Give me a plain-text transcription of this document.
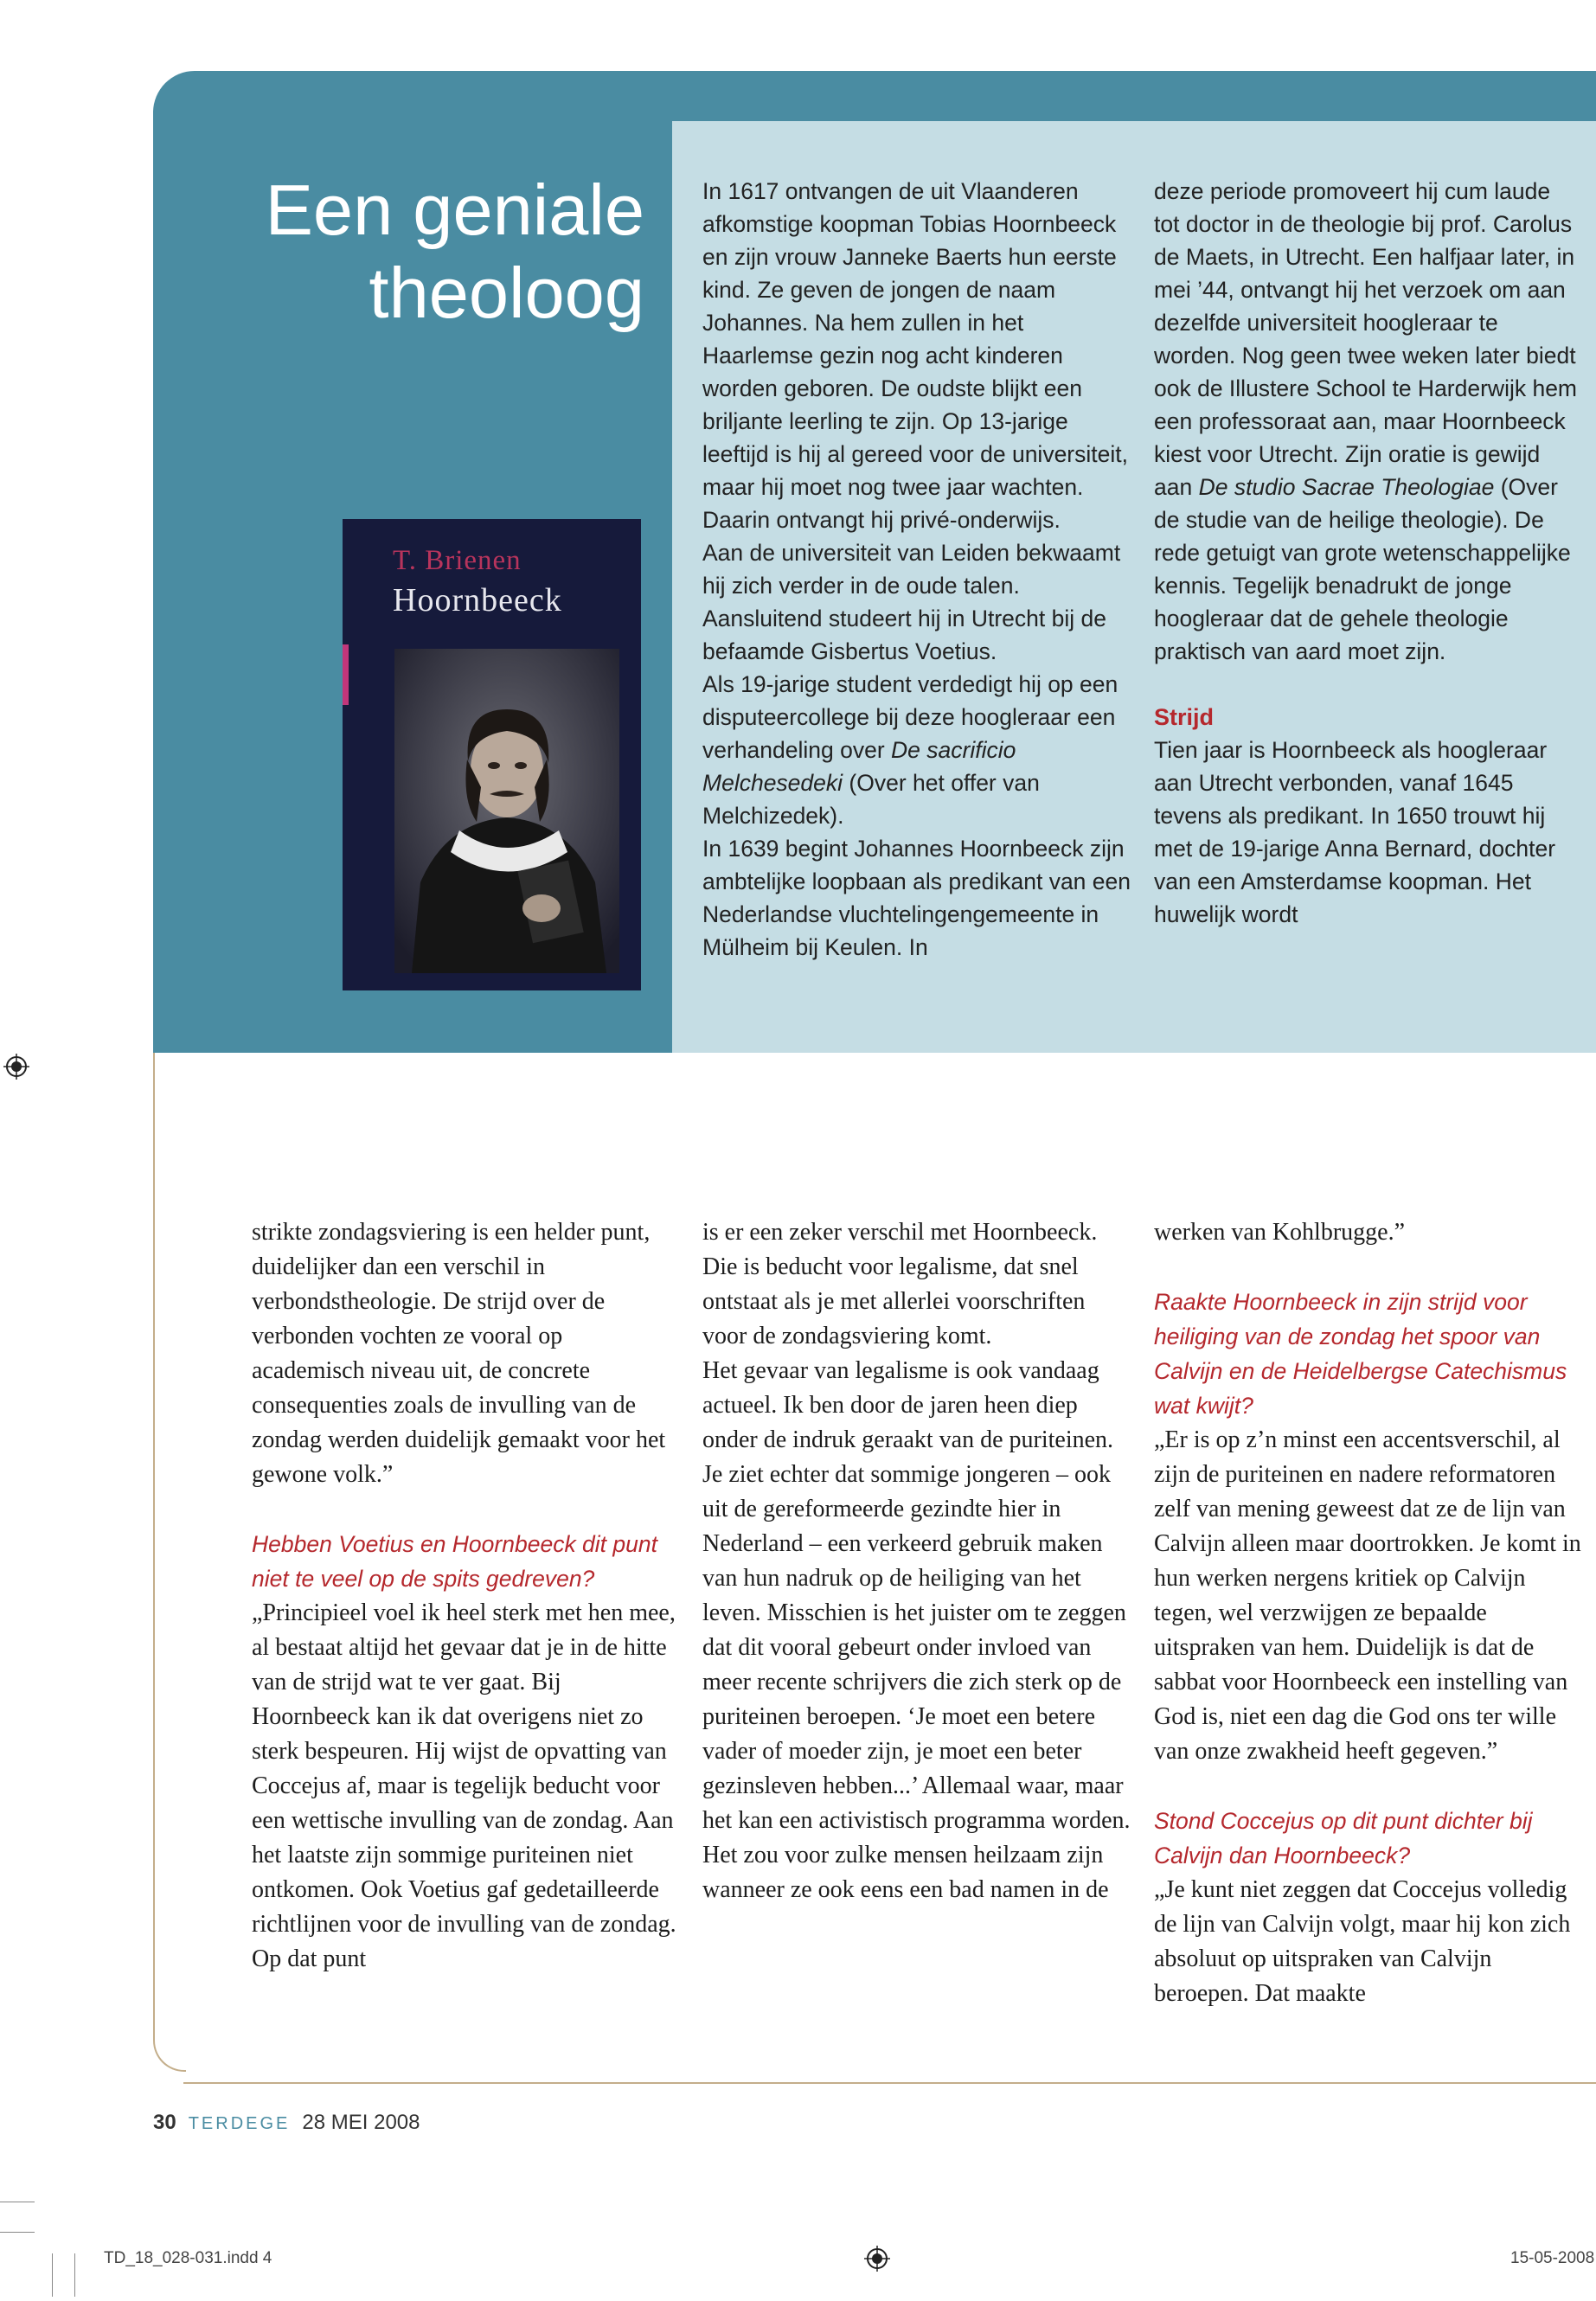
Een geniale
theoloog
T. Brienen
Hoornbeeck

In 1617 ontvangen de uit Vlaanderen afkomstige koopman Tobias Hoornbeeck en zijn vrouw Janneke Baerts hun eerste kind. Ze geven de jongen de naam Johannes. Na hem zullen in het Haarlemse gezin nog acht kinderen worden geboren. De oudste blijkt een briljante leerling te zijn. Op 13-jarige leeftijd is hij al gereed voor de universiteit, maar hij moet nog twee jaar wachten. Daarin ontvangt hij privé-onderwijs.

Aan de universiteit van Leiden bekwaamt hij zich verder in de oude talen. Aansluitend studeert hij in Utrecht bij de befaamde Gisbertus Voetius.

Als 19-jarige student verdedigt hij op een disputeercollege bij deze hoogleraar een verhandeling over De sacrificio Melchesedeki (Over het offer van Melchizedek).

In 1639 begint Johannes Hoornbeeck zijn ambtelijke loopbaan als predikant van een Nederlandse vluchtelingengemeente in Mülheim bij Keulen. In

deze periode promoveert hij cum laude tot doctor in de theologie bij prof. Carolus de Maets, in Utrecht. Een halfjaar later, in mei ’44, ontvangt hij het verzoek om aan dezelfde universiteit hoogleraar te worden. Nog geen twee weken later biedt ook de Illustere School te Harderwijk hem een professoraat aan, maar Hoornbeeck kiest voor Utrecht. Zijn oratie is gewijd aan De studio Sacrae Theologiae (Over de studie van de heilige theologie). De rede getuigt van grote wetenschappelijke kennis. Tegelijk benadrukt de jonge hoogleraar dat de gehele theologie praktisch van aard moet zijn.

Strijd

Tien jaar is Hoornbeeck als hoogleraar aan Utrecht verbonden, vanaf 1645 tevens als predikant. In 1650 trouwt hij met de 19-jarige Anna Bernard, dochter van een Amsterdamse koopman. Het huwelijk wordt

strikte zondagsviering is een helder punt, duidelijker dan een verschil in verbondstheologie. De strijd over de verbonden vochten ze vooral op academisch niveau uit, de concrete consequenties zoals de invulling van de zondag werden duidelijk gemaakt voor het gewone volk.”

Hebben Voetius en Hoornbeeck dit punt niet te veel op de spits gedreven?

„Principieel voel ik heel sterk met hen mee, al bestaat altijd het gevaar dat je in de hitte van de strijd wat te ver gaat. Bij Hoornbeeck kan ik dat overigens niet zo sterk bespeuren. Hij wijst de opvatting van Coccejus af, maar is tegelijk beducht voor een wettische invulling van de zondag. Aan het laatste zijn sommige puriteinen niet ontkomen. Ook Voetius gaf gedetailleerde richtlijnen voor de invulling van de zondag. Op dat punt

is er een zeker verschil met Hoornbeeck. Die is beducht voor legalisme, dat snel ontstaat als je met allerlei voorschriften voor de zondagsviering komt.

Het gevaar van legalisme is ook vandaag actueel. Ik ben door de jaren heen diep onder de indruk geraakt van de puriteinen. Je ziet echter dat sommige jongeren – ook uit de gereformeerde gezindte hier in Nederland – een verkeerd gebruik maken van hun nadruk op de heiliging van het leven. Misschien is het juister om te zeggen dat dit vooral gebeurt onder invloed van meer recente schrijvers die zich sterk op de puriteinen beroepen. ‘Je moet een betere vader of moeder zijn, je moet een beter gezinsleven hebben...’ Allemaal waar, maar het kan een activistisch programma worden. Het zou voor zulke mensen heilzaam zijn wanneer ze ook eens een bad namen in de

werken van Kohlbrugge.”

Raakte Hoornbeeck in zijn strijd voor heiliging van de zondag het spoor van Calvijn en de Heidelbergse Catechismus wat kwijt?

„Er is op z’n minst een accentsverschil, al zijn de puriteinen en nadere reformatoren zelf van mening geweest dat ze de lijn van Calvijn alleen maar doortrokken. Je komt in hun werken nergens kritiek op Calvijn tegen, wel verzwijgen ze bepaalde uitspraken van hem. Duidelijk is dat de sabbat voor Hoornbeeck een instelling van God is, niet een dag die God ons ter wille van onze zwakheid heeft gegeven.”

Stond Coccejus op dit punt dichter bij Calvijn dan Hoornbeeck?

„Je kunt niet zeggen dat Coccejus volledig de lijn van Calvijn volgt, maar hij kon zich absoluut op uitspraken van Calvijn beroepen. Dat maakte

30 TERDEGE 28 MEI 2008
TD_18_028-031.indd 4	15-05-2008
